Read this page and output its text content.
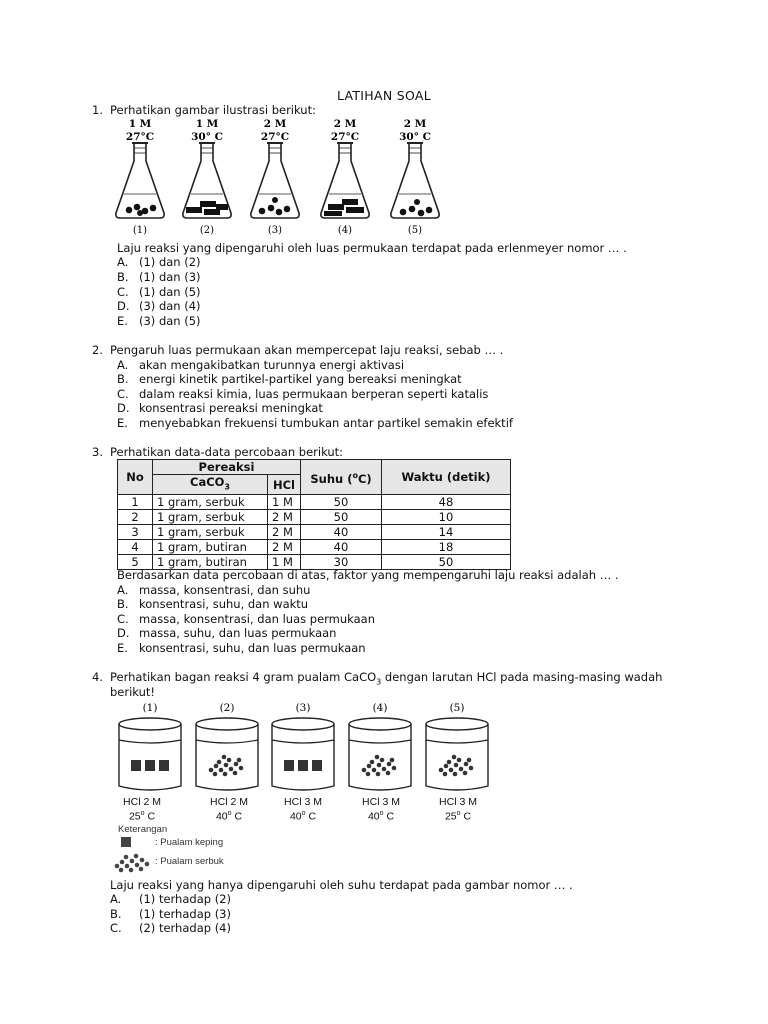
LATIHAN SOAL
1. Perhatikan gambar ilustrasi berikut:
1 M
27°C
(1)
1 M
30° C
(2)
2 M
27°C
(3)
2 M
27°C
(4)
2 M
30° C
(5)
Laju reaksi yang dipengaruhi oleh luas permukaan terdapat pada erlenmeyer nomor … .
A. (1) dan (2)
B. (1) dan (3)
C. (1) dan (5)
D. (3) dan (4)
E. (3) dan (5)
2. Pengaruh luas permukaan akan mempercepat laju reaksi, sebab … .
A. akan mengakibatkan turunnya energi aktivasi
B. energi kinetik partikel-partikel yang bereaksi meningkat
C. dalam reaksi kimia, luas permukaan berperan seperti katalis
D. konsentrasi pereaksi meningkat
E. menyebabkan frekuensi tumbukan antar partikel semakin efektif
3. Perhatikan data-data percobaan berikut:
No	Pereaksi		Suhu ($^o$C)	Waktu (detik)
	CaCO$_3$	HCl		
1	1 gram, serbuk	1 M	50	48
2	1 gram, serbuk	2 M	50	10
3	1 gram, serbuk	2 M	40	14
4	1 gram, butiran	2 M	40	18
5	1 gram, butiran	1 M	30	50
Berdasarkan data percobaan di atas, faktor yang mempengaruhi laju reaksi adalah … .
A. massa, konsentrasi, dan suhu
B. konsentrasi, suhu, dan waktu
C. massa, konsentrasi, dan luas permukaan
D. massa, suhu, dan luas permukaan
E. konsentrasi, suhu, dan luas permukaan
4. Perhatikan bagan reaksi 4 gram pualam CaCO$_3$ dengan larutan HCl pada masing-masing wadah
berikut!
(1)	(2)	(3)	(4)	(5)
HCl 2 M
25$^o$ C
HCl 2 M
40$^o$ C
HCl 3 M
40$^o$ C
HCl 3 M
40$^o$ C
HCl 3 M
25$^o$ C
Keterangan
: Pualam keping
: Pualam serbuk
Laju reaksi yang hanya dipengaruhi oleh suhu terdapat pada gambar nomor … .
A. (1) terhadap (2)
B. (1) terhadap (3)
C. (2) terhadap (4)
